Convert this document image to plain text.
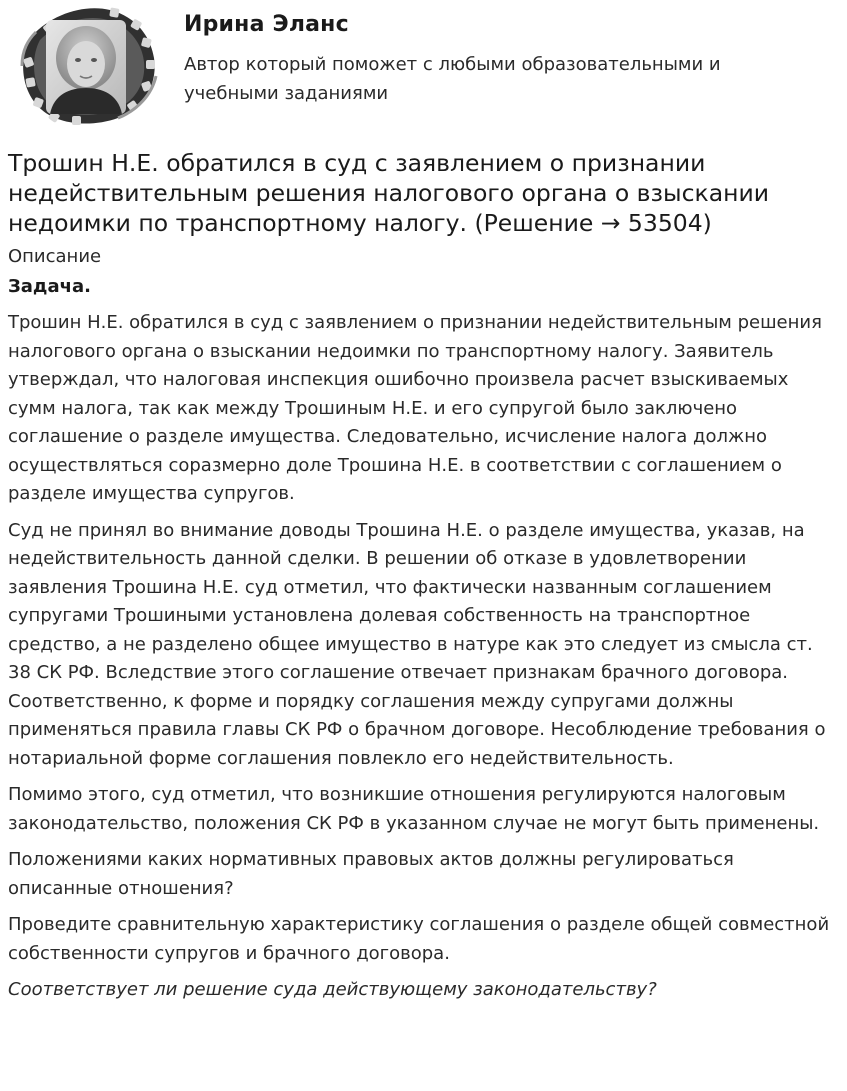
Ирина Эланс
Автор который поможет с любыми образовательными и учебными заданиями
Трошин Н.Е. обратился в суд с заявлением о признании недействительным решения налогового органа о взыскании недоимки по транспортному налогу. (Решение → 53504)
Описание
Задача.

Трошин Н.Е. обратился в суд с заявлением о признании недействительным решения налогового органа о взыскании недоимки по транспортному налогу. Заявитель утверждал, что налоговая инспекция ошибочно произвела расчет взыскиваемых сумм налога, так как между Трошиным Н.Е. и его супругой было заключено соглашение о разделе имущества. Следовательно, исчисление налога должно осуществляться соразмерно доле Трошина Н.Е. в соответствии с соглашением о разделе имущества супругов.

Суд не принял во внимание доводы Трошина Н.Е. о разделе имущества, указав, на недействительность данной сделки. В решении об отказе в удовлетворении заявления Трошина Н.Е. суд отметил, что фактически названным соглашением супругами Трошиными установлена долевая собственность на транспортное средство, а не разделено общее имущество в натуре как это следует из смысла ст. 38 СК РФ. Вследствие этого соглашение отвечает признакам брачного договора. Соответственно, к форме и порядку соглашения между супругами должны применяться правила главы СК РФ о брачном договоре. Несоблюдение требования о нотариальной форме соглашения повлекло его недействительность.

Помимо этого, суд отметил, что возникшие отношения регулируются налоговым законодательство, положения СК РФ в указанном случае не могут быть применены.

Положениями каких нормативных правовых актов должны регулироваться описанные отношения?

Проведите сравнительную характеристику соглашения о разделе общей совместной собственности супругов и брачного договора.

Соответствует ли решение суда действующему законодательству?
